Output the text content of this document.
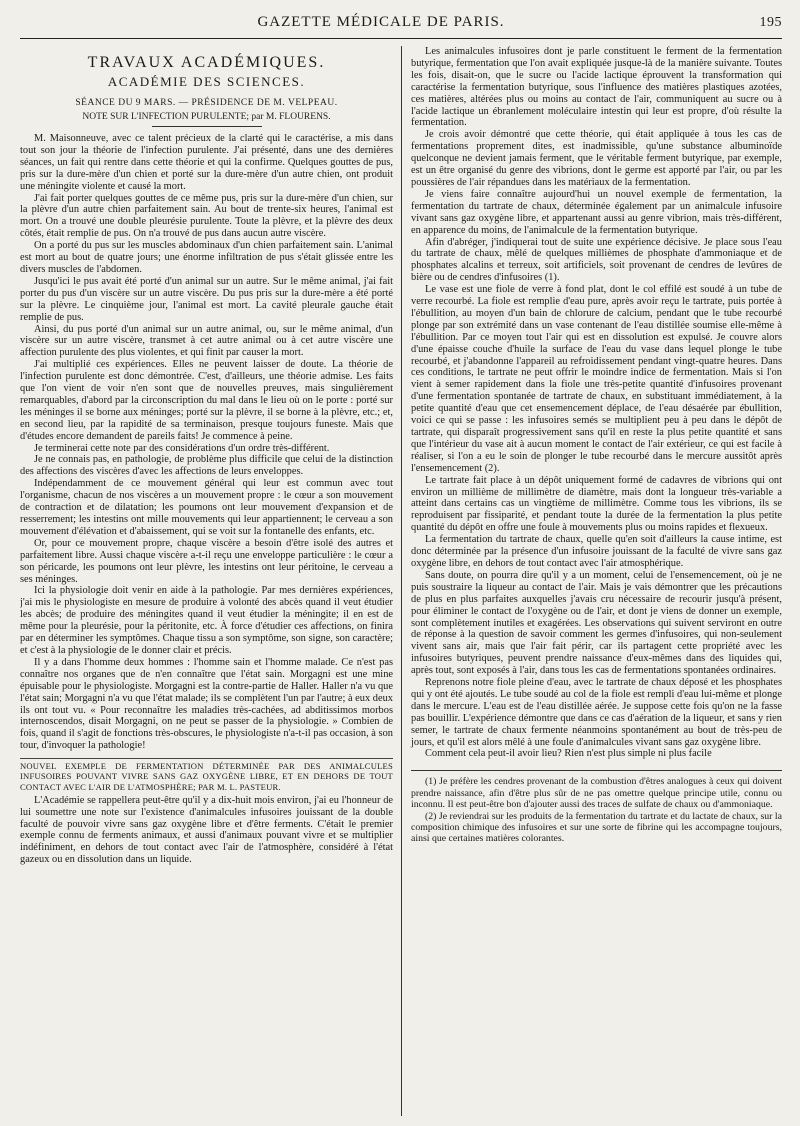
GAZETTE MÉDICALE DE PARIS.	195
TRAVAUX ACADÉMIQUES.
ACADÉMIE DES SCIENCES.
SÉANCE DU 9 MARS. — PRÉSIDENCE DE M. VELPEAU.
NOTE SUR L'INFECTION PURULENTE; par M. FLOURENS.

M. Maisonneuve, avec ce talent précieux de la clarté qui le caractérise, a mis dans tout son jour la théorie de l'infection purulente. J'ai présenté, dans une des dernières séances, un fait qui rentre dans cette théorie et qui la confirme. Quelques gouttes de pus, pris sur la dure-mère d'un chien et porté sur la dure-mère d'un autre chien, ont produit une méningite violente et causé la mort.

J'ai fait porter quelques gouttes de ce même pus, pris sur la dure-mère d'un chien, sur la plèvre d'un autre chien parfaitement sain. Au bout de trente-six heures, l'animal est mort. On a trouvé une double pleurésie purulente. Toute la plèvre, et la plèvre des deux côtés, était remplie de pus. On n'a trouvé de pus dans aucun autre viscère.

On a porté du pus sur les muscles abdominaux d'un chien parfaitement sain. L'animal est mort au bout de quatre jours; une énorme infiltration de pus s'était glissée entre les divers muscles de l'abdomen.

Jusqu'ici le pus avait été porté d'un animal sur un autre. Sur le même animal, j'ai fait porter du pus d'un viscère sur un autre viscère. Du pus pris sur la dure-mère a été porté sur la plèvre. Le cinquième jour, l'animal est mort. La cavité pleurale gauche était remplie de pus.

Ainsi, du pus porté d'un animal sur un autre animal, ou, sur le même animal, d'un viscère sur un autre viscère, transmet à cet autre animal ou à cet autre viscère une affection purulente des plus violentes, et qui finit par causer la mort.

J'ai multiplié ces expériences. Elles ne peuvent laisser de doute. La théorie de l'infection purulente est donc démontrée. C'est, d'ailleurs, une théorie admise. Les faits que l'on vient de voir n'en sont que de nouvelles preuves, mais singulièrement remarquables, d'abord par la circonscription du mal dans le lieu où on le porte : porté sur les méninges il se borne aux méninges; porté sur la plèvre, il se borne à la plèvre, etc.; et, en second lieu, par la rapidité de sa terminaison, presque toujours funeste. Mais que d'études encore demandent de pareils faits! Je commence à peine.

Je terminerai cette note par des considérations d'un ordre très-différent.

Je ne connais pas, en pathologie, de problème plus difficile que celui de la distinction des affections des viscères d'avec les affections de leurs enveloppes.

Indépendamment de ce mouvement général qui leur est commun avec tout l'organisme, chacun de nos viscères a un mouvement propre : le cœur a son mouvement de contraction et de dilatation; les poumons ont leur mouvement d'expansion et de resserrement; les intestins ont mille mouvements qui leur appartiennent; le cerveau a son mouvement d'élévation et d'abaissement, qui se voit sur la fontanelle des enfants, etc.

Or, pour ce mouvement propre, chaque viscère a besoin d'être isolé des autres et parfaitement libre. Aussi chaque viscère a-t-il reçu une enveloppe particulière : le cœur a son péricarde, les poumons ont leur plèvre, les intestins ont leur péritoine, le cerveau a ses méninges.

Ici la physiologie doit venir en aide à la pathologie. Par mes dernières expériences, j'ai mis le physiologiste en mesure de produire à volonté des abcès quand il veut étudier les abcès; de produire des méningites quand il veut étudier la méningite; il en est de même pour la pleurésie, pour la péritonite, etc. À force d'étudier ces affections, on finira par en déterminer les symptômes. Chaque tissu a son symptôme, son signe, son caractère; et c'est à la physiologie de le donner clair et précis.

Il y a dans l'homme deux hommes : l'homme sain et l'homme malade. Ce n'est pas connaître nos organes que de n'en connaître que l'état sain. Morgagni est une mine épuisable pour le physiologiste. Morgagni est la contre-partie de Haller. Haller n'a vu que l'état sain; Morgagni n'a vu que l'état malade; ils se complètent l'un par l'autre; à eux deux ils ont tout vu. « Pour reconnaître les maladies très-cachées, ad abditissimos morbos internoscendos, disait Morgagni, on ne peut se passer de la physiologie. » Combien de fois, quand il s'agit de fonctions très-obscures, le physiologiste n'a-t-il pas occasion, à son tour, d'invoquer la pathologie!

NOUVEL EXEMPLE DE FERMENTATION DÉTERMINÉE PAR DES ANIMALCULES INFUSOIRES POUVANT VIVRE SANS GAZ OXYGÈNE LIBRE, ET EN DEHORS DE TOUT CONTACT AVEC L'AIR DE L'ATMOSPHÈRE; PAR M. L. PASTEUR.

L'Académie se rappellera peut-être qu'il y a dix-huit mois environ, j'ai eu l'honneur de lui soumettre une note sur l'existence d'animalcules infusoires jouissant de la double faculté de pouvoir vivre sans gaz oxygène libre et d'être ferments. C'était le premier exemple connu de ferments animaux, et aussi d'animaux pouvant vivre et se multiplier indéfiniment, en dehors de tout contact avec l'air de l'atmosphère, considéré à l'état gazeux ou en dissolution dans un liquide.

Les animalcules infusoires dont je parle constituent le ferment de la fermentation butyrique, fermentation que l'on avait expliquée jusque-là de la manière suivante. Toutes les fois, disait-on, que le sucre ou l'acide lactique éprouvent la transformation qui caractérise la fermentation butyrique, sous l'influence des matières plastiques azotées, ces matières, altérées plus ou moins au contact de l'air, communiquent au sucre ou à l'acide lactique un ébranlement moléculaire intestin qui leur est propre, d'où résulte la fermentation.

Je crois avoir démontré que cette théorie, qui était appliquée à tous les cas de fermentations proprement dites, est inadmissible, qu'une substance albuminoïde quelconque ne devient jamais ferment, que le véritable ferment butyrique, par exemple, est un être organisé du genre des vibrions, dont le germe est apporté par l'air, ou par les poussières de l'air répandues dans les matériaux de la fermentation.

Je viens faire connaître aujourd'hui un nouvel exemple de fermentation, la fermentation du tartrate de chaux, déterminée également par un animalcule infusoire vivant sans gaz oxygène libre, et appartenant aussi au genre vibrion, mais très-différent, en apparence du moins, de l'animalcule de la fermentation butyrique.

Afin d'abréger, j'indiquerai tout de suite une expérience décisive. Je place sous l'eau du tartrate de chaux, mêlé de quelques millièmes de phosphate d'ammoniaque et de phosphates alcalins et terreux, soit artificiels, soit provenant de cendres de levûres de bière ou de cendres d'infusoires (1).

Le vase est une fiole de verre à fond plat, dont le col effilé est soudé à un tube de verre recourbé. La fiole est remplie d'eau pure, après avoir reçu le tartrate, puis portée à l'ébullition, au moyen d'un bain de chlorure de calcium, pendant que le tube recourbé plonge par son extrémité dans un vase contenant de l'eau distillée soumise elle-même à l'ébullition. Par ce moyen tout l'air qui est en dissolution est expulsé. Je couvre alors d'une épaisse couche d'huile la surface de l'eau du vase dans lequel plonge le tube recourbé, et j'abandonne l'appareil au refroidissement pendant vingt-quatre heures. Dans ces conditions, le tartrate ne peut offrir le moindre indice de fermentation. Mais si l'on vient à semer rapidement dans la fiole une très-petite quantité d'infusoires provenant d'une fermentation spontanée de tartrate de chaux, en substituant immédiatement, à la petite quantité d'eau que cet ensemencement déplace, de l'eau désaérée par ébullition, voici ce qui se passe : les infusoires semés se multiplient peu à peu dans le dépôt de tartrate, qui disparaît progressivement sans qu'il en reste la plus petite quantité et sans que l'intérieur du vase ait à aucun moment le contact de l'air extérieur, ce qui est facile à réaliser, si l'on a eu le soin de plonger le tube recourbé dans le mercure aussitôt après l'ensemencement (2).

Le tartrate fait place à un dépôt uniquement formé de cadavres de vibrions qui ont environ un millième de millimètre de diamètre, mais dont la longueur très-variable a atteint dans certains cas un vingtième de millimètre. Comme tous les vibrions, ils se reproduisent par fissiparité, et pendant toute la durée de la fermentation la plus petite quantité du dépôt en offre une foule à mouvements plus ou moins rapides et flexueux.

La fermentation du tartrate de chaux, quelle qu'en soit d'ailleurs la cause intime, est donc déterminée par la présence d'un infusoire jouissant de la faculté de vivre sans gaz oxygène libre, en dehors de tout contact avec l'air atmosphérique.

Sans doute, on pourra dire qu'il y a un moment, celui de l'ensemencement, où je ne puis soustraire la liqueur au contact de l'air. Mais je vais démontrer que les précautions de plus en plus parfaites auxquelles j'avais cru nécessaire de recourir jusqu'à présent, pour éliminer le contact de l'oxygène ou de l'air, et dont je viens de donner un exemple, sont complètement inutiles et exagérées. Les observations qui suivent serviront en outre de réponse à la question de savoir comment les germes d'infusoires, qui non-seulement vivent sans air, mais que l'air fait périr, car ils partagent cette propriété avec les infusoires butyriques, peuvent prendre naissance d'eux-mêmes dans des liquides qui, après tout, sont exposés à l'air, dans tous les cas de fermentations spontanées ordinaires.

Reprenons notre fiole pleine d'eau, avec le tartrate de chaux déposé et les phosphates qui y ont été ajoutés. Le tube soudé au col de la fiole est rempli d'eau lui-même et plonge dans le mercure. L'eau est de l'eau distillée aérée. Je suppose cette fois qu'on ne la fasse pas bouillir. L'expérience démontre que dans ce cas d'aération de la liqueur, et sans y rien semer, le tartrate de chaux fermente néanmoins spontanément au bout de très-peu de jours, et qu'il est alors mêlé à une foule d'animalcules vivant sans gaz oxygène libre.

Comment cela peut-il avoir lieu? Rien n'est plus simple ni plus facile

(1) Je préfère les cendres provenant de la combustion d'êtres analogues à ceux qui doivent prendre naissance, afin d'être plus sûr de ne pas omettre quelque principe utile, connu ou inconnu. Il est peut-être bon d'ajouter aussi des traces de sulfate de chaux ou d'ammoniaque.

(2) Je reviendrai sur les produits de la fermentation du tartrate et du lactate de chaux, sur la composition chimique des infusoires et sur une sorte de fibrine qui les accompagne toujours, ainsi que certaines matières colorantes.
